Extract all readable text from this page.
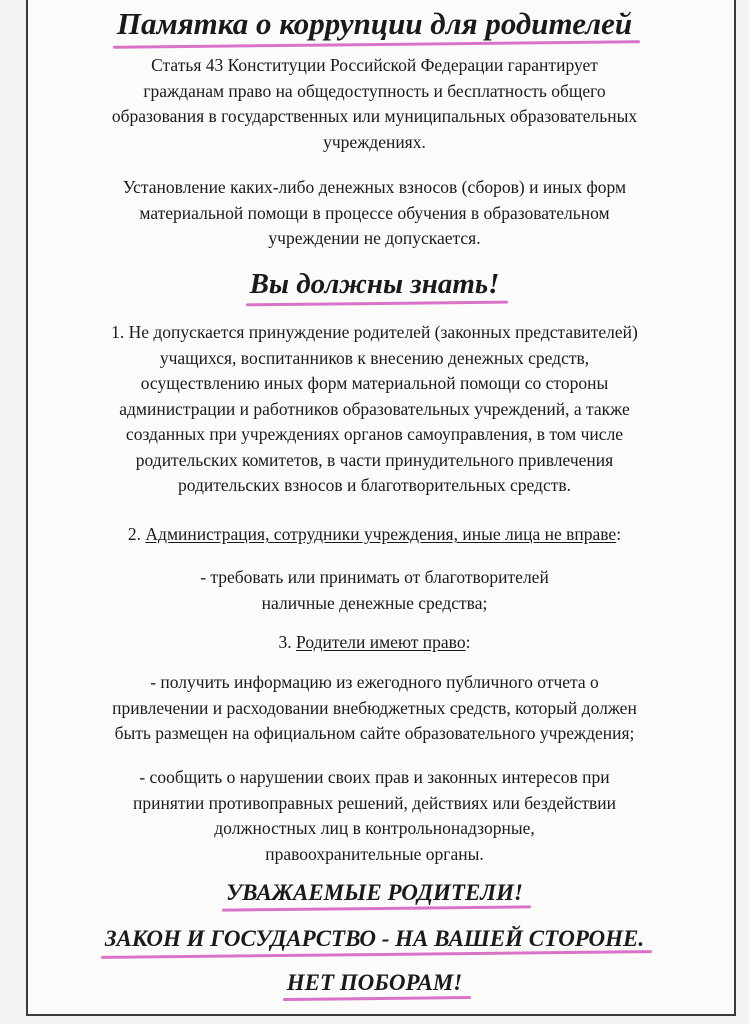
Памятка о коррупции для родителей

Статья 43 Конституции Российской Федерации гарантирует
гражданам право на общедоступность и бесплатность общего
образования в государственных или муниципальных образовательных
учреждениях.

Установление каких-либо денежных взносов (сборов) и иных форм
материальной помощи в процессе обучения в образовательном
учреждении не допускается.

Вы должны знать!

1. Не допускается принуждение родителей (законных представителей)
учащихся, воспитанников к внесению денежных средств,
осуществлению иных форм материальной помощи со стороны
администрации и работников образовательных учреждений, а также
созданных при учреждениях органов самоуправления, в том числе
родительских комитетов, в части принудительного привлечения
родительских взносов и благотворительных средств.

2. Администрация, сотрудники учреждения, иные лица не вправе:

- требовать или принимать от благотворителей
наличные денежные средства;

3. Родители имеют право:

- получить информацию из ежегодного публичного отчета о
привлечении и расходовании внебюджетных средств, который должен
быть размещен на официальном сайте образовательного учреждения;

- сообщить о нарушении своих прав и законных интересов при
принятии противоправных решений, действиях или бездействии
должностных лиц в контрольнонадзорные,
правоохранительные органы.

УВАЖАЕМЫЕ РОДИТЕЛИ!
ЗАКОН И ГОСУДАРСТВО - НА ВАШЕЙ СТОРОНЕ.
НЕТ ПОБОРАМ!
